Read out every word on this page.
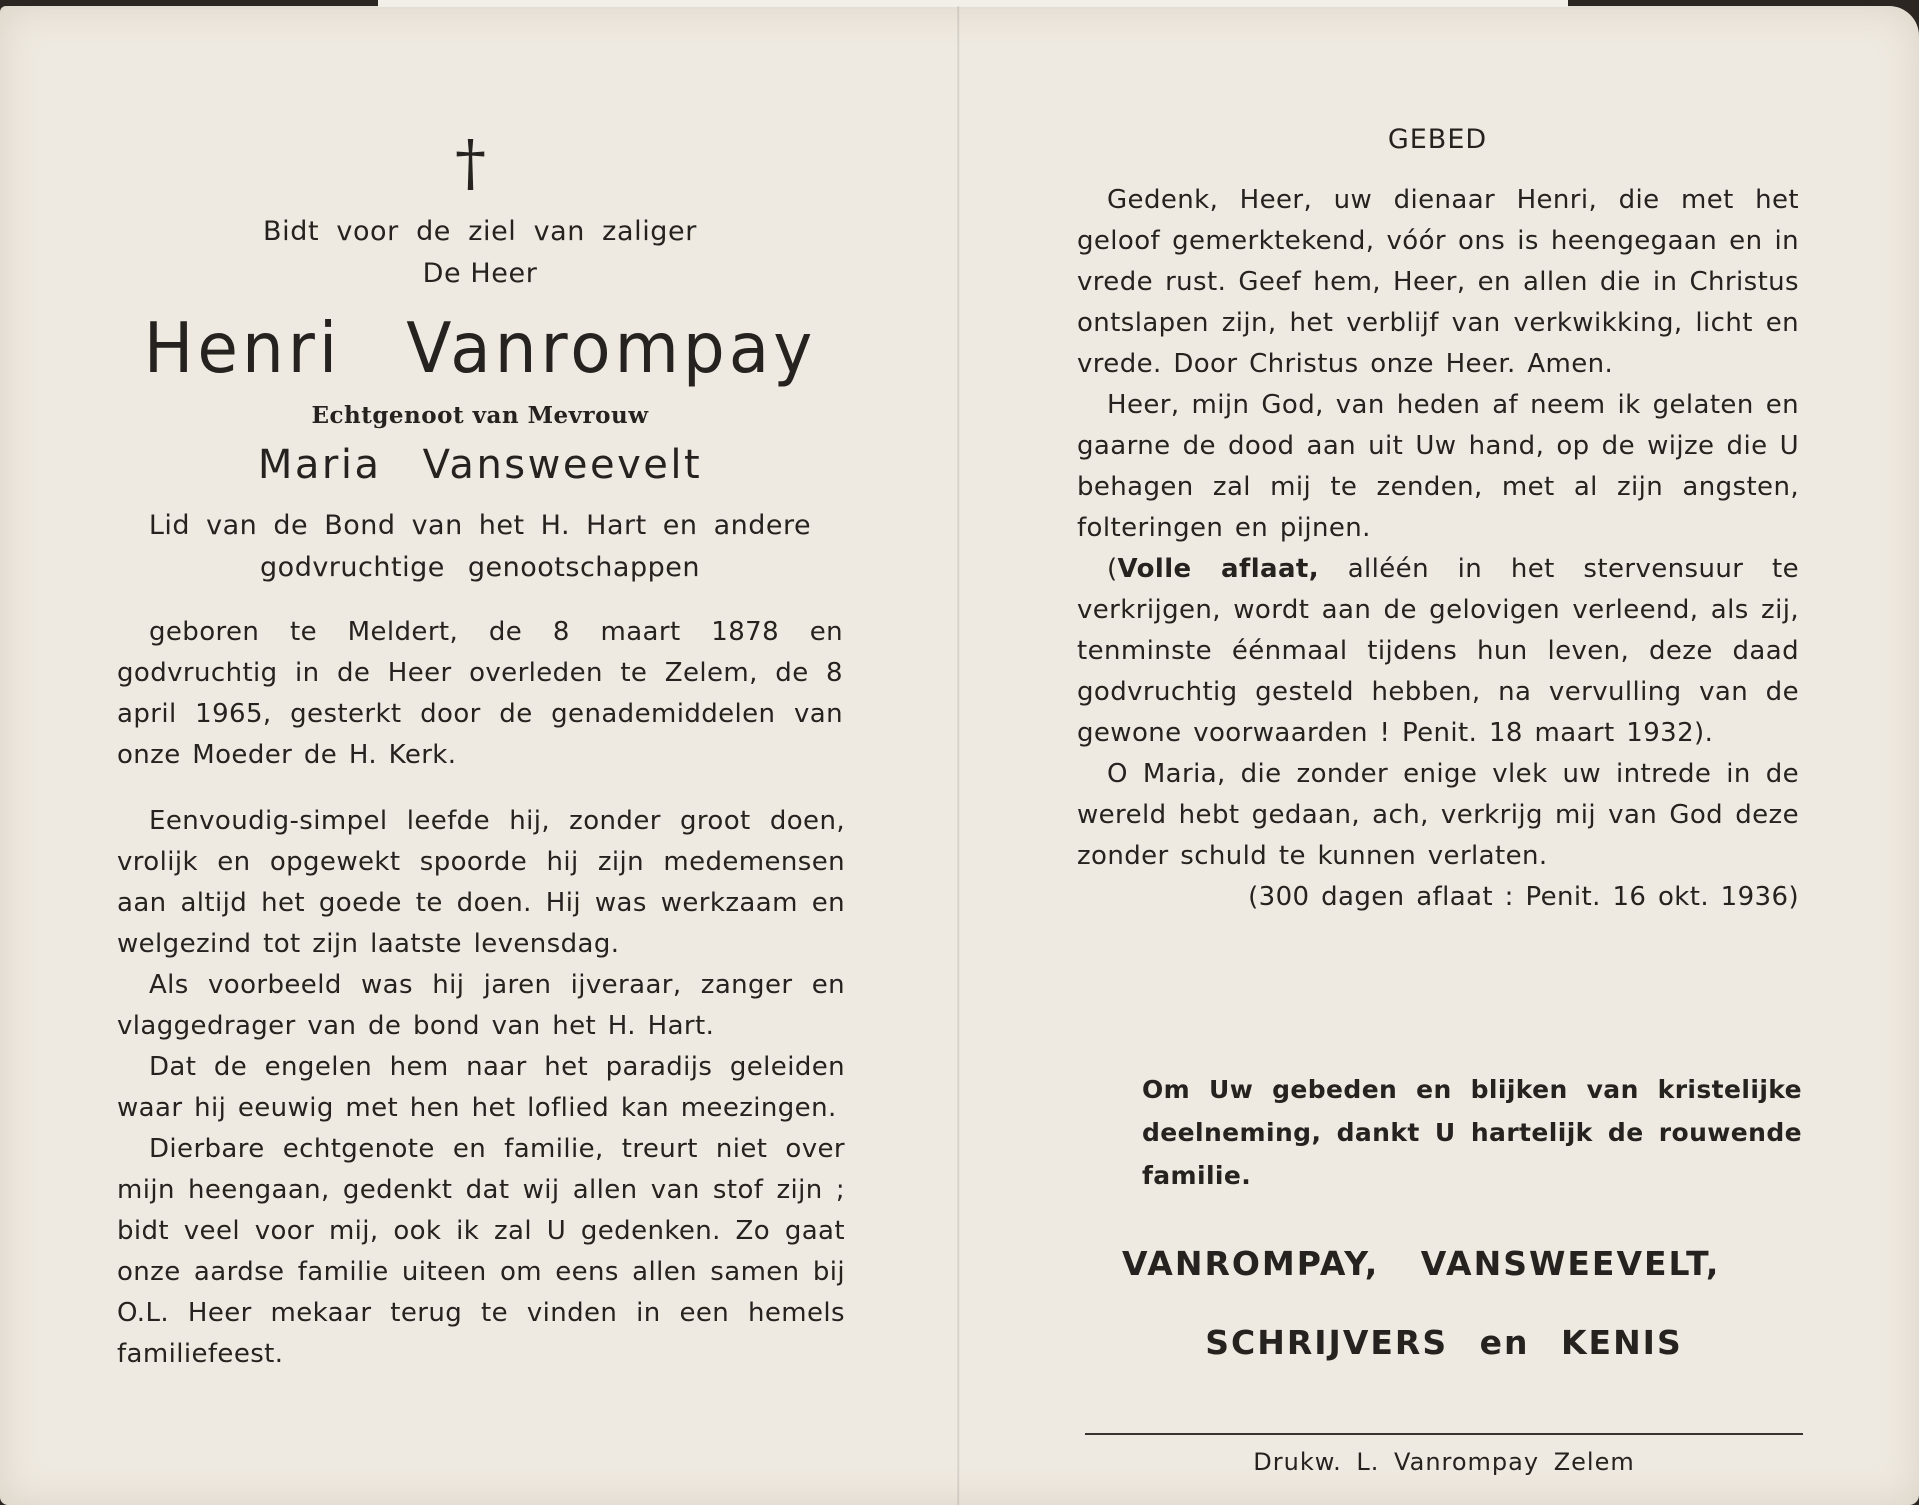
†
Bidt voor de ziel van zaliger
De Heer
Henri Vanrompay
Echtgenoot van Mevrouw
Maria Vansweevelt
Lid van de Bond van het H. Hart en andere
godvruchtige genootschappen

geboren te Meldert, de 8 maart 1878 en godvruchtig in de Heer overleden te Zelem, de 8 april 1965, gesterkt door de genademiddelen van onze Moeder de H. Kerk.

Eenvoudig-simpel leefde hij, zonder groot doen, vrolijk en opgewekt spoorde hij zijn medemensen aan altijd het goede te doen. Hij was werkzaam en welgezind tot zijn laatste levensdag.

Als voorbeeld was hij jaren ijveraar, zanger en vlaggedrager van de bond van het H. Hart.

Dat de engelen hem naar het paradijs geleiden waar hij eeuwig met hen het loflied kan meezingen.

Dierbare echtgenote en familie, treurt niet over mijn heengaan, gedenkt dat wij allen van stof zijn ; bidt veel voor mij, ook ik zal U gedenken. Zo gaat onze aardse familie uiteen om eens allen samen bij O.L. Heer mekaar terug te vinden in een hemels familiefeest.

GEBED

Gedenk, Heer, uw dienaar Henri, die met het geloof gemerktekend, vóór ons is heengegaan en in vrede rust. Geef hem, Heer, en allen die in Christus ontslapen zijn, het verblijf van verkwikking, licht en vrede. Door Christus onze Heer. Amen.

Heer, mijn God, van heden af neem ik gelaten en gaarne de dood aan uit Uw hand, op de wijze die U behagen zal mij te zenden, met al zijn angsten, folteringen en pijnen.

(Volle aflaat, alléén in het stervensuur te verkrijgen, wordt aan de gelovigen verleend, als zij, tenminste éénmaal tijdens hun leven, deze daad godvruchtig gesteld hebben, na vervulling van de gewone voorwaarden ! Penit. 18 maart 1932).

O Maria, die zonder enige vlek uw intrede in de wereld hebt gedaan, ach, verkrijg mij van God deze zonder schuld te kunnen verlaten.

(300 dagen aflaat : Penit. 16 okt. 1936)

Om Uw gebeden en blijken van kristelijke deelneming, dankt U hartelijk de rouwende familie.

VANROMPAY, VANSWEEVELT,
SCHRIJVERS en KENIS
Drukw. L. Vanrompay Zelem
